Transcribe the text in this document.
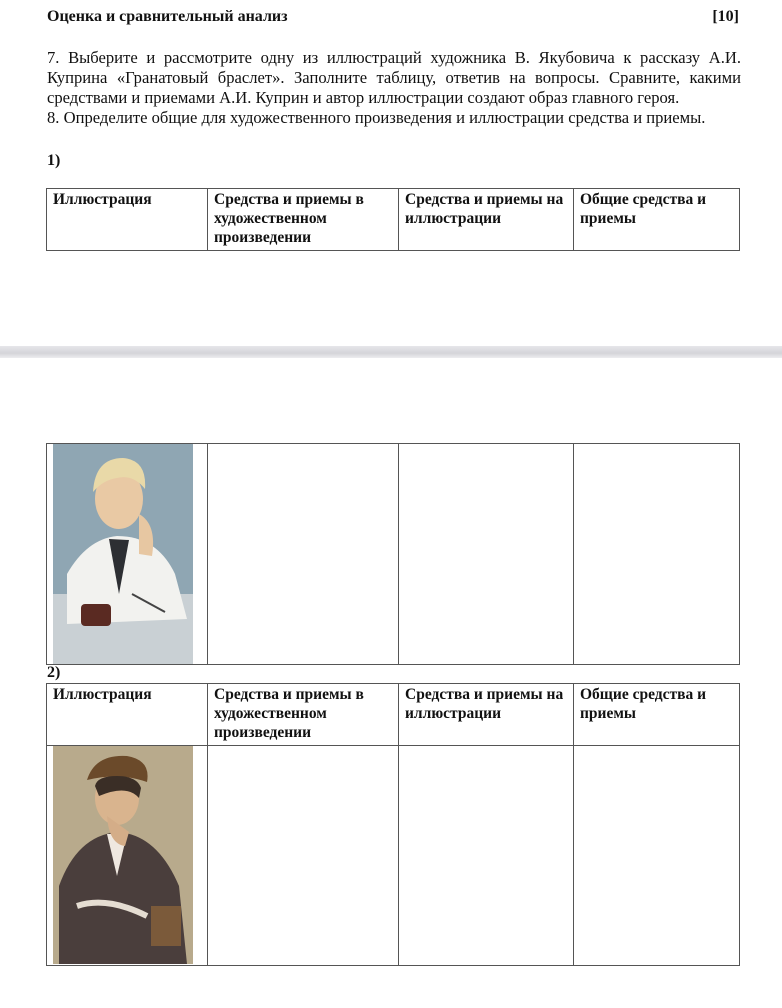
Оценка и сравнительный анализ	[10]

7. Выберите и рассмотрите одну из иллюстраций художника В. Якубовича к рассказу А.И. Куприна «Гранатовый браслет». Заполните таблицу, ответив на вопросы. Сравните, какими средствами и приемами А.И. Куприн и автор иллюстрации создают образ главного героя.

8. Определите общие для художественного произведения и иллюстрации средства и приемы.

1)
Иллюстрация	Средства и приемы в художественном произведении	Средства и приемы на иллюстрации	Общие средства и приемы

2)
Иллюстрация	Средства и приемы в художественном произведении	Средства и приемы на иллюстрации	Общие средства и приемы
